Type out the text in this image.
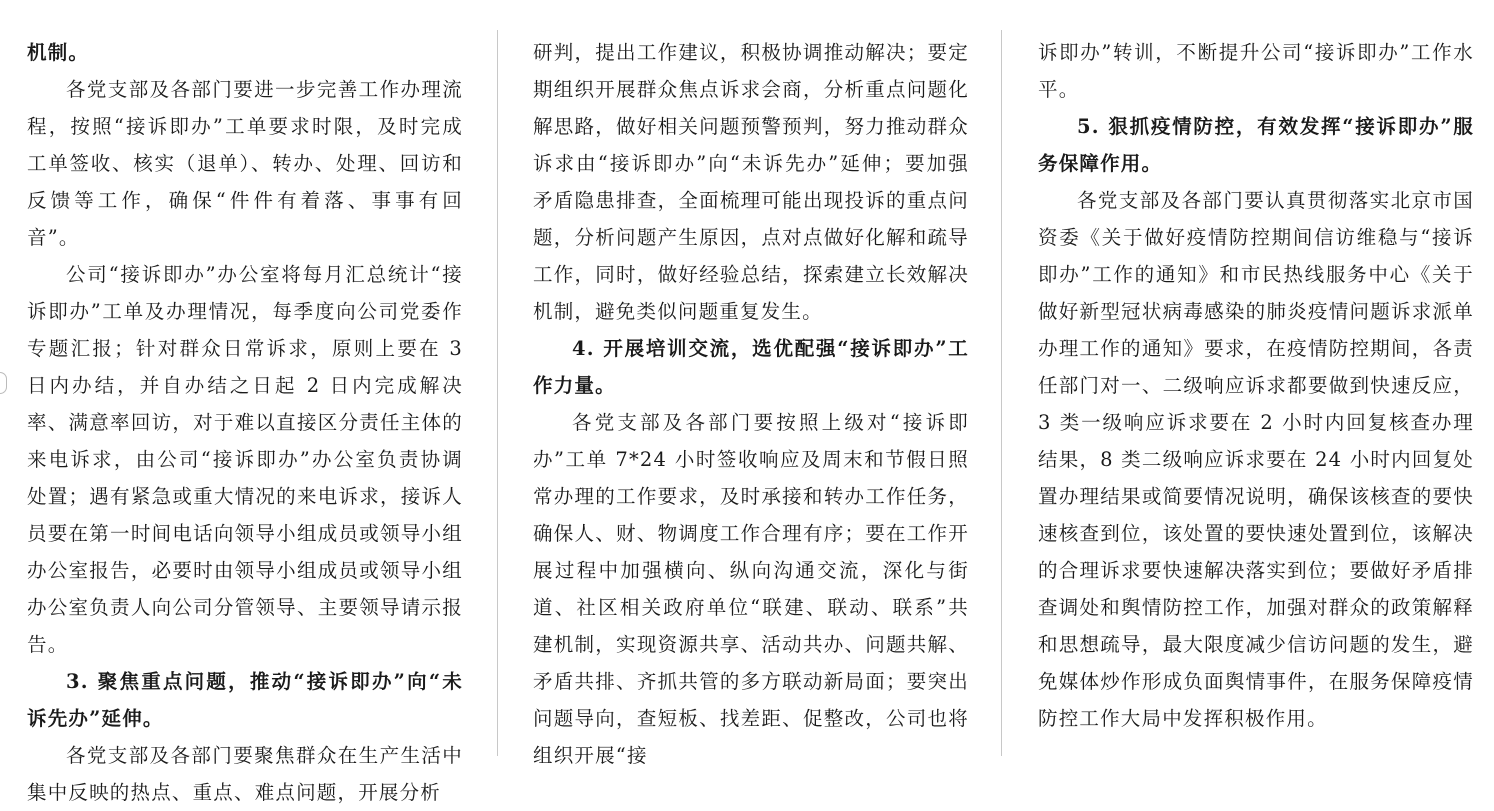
机制。

各党支部及各部门要进一步完善工作办理流程，按照“接诉即办”工单要求时限，及时完成工单签收、核实（退单）、转办、处理、回访和反馈等工作，确保“件件有着落、事事有回音”。

公司“接诉即办”办公室将每月汇总统计“接诉即办”工单及办理情况，每季度向公司党委作专题汇报；针对群众日常诉求，原则上要在 3 日内办结，并自办结之日起 2 日内完成解决率、满意率回访，对于难以直接区分责任主体的来电诉求，由公司“接诉即办”办公室负责协调处置；遇有紧急或重大情况的来电诉求，接诉人员要在第一时间电话向领导小组成员或领导小组办公室报告，必要时由领导小组成员或领导小组办公室负责人向公司分管领导、主要领导请示报告。

3. 聚焦重点问题，推动“接诉即办”向“未诉先办”延伸。

各党支部及各部门要聚焦群众在生产生活中集中反映的热点、重点、难点问题，开展分析

研判，提出工作建议，积极协调推动解决；要定期组织开展群众焦点诉求会商，分析重点问题化解思路，做好相关问题预警预判，努力推动群众诉求由“接诉即办”向“未诉先办”延伸；要加强矛盾隐患排查，全面梳理可能出现投诉的重点问题，分析问题产生原因，点对点做好化解和疏导工作，同时，做好经验总结，探索建立长效解决机制，避免类似问题重复发生。

4. 开展培训交流，选优配强“接诉即办”工作力量。

各党支部及各部门要按照上级对“接诉即办”工单 7*24 小时签收响应及周末和节假日照常办理的工作要求，及时承接和转办工作任务，确保人、财、物调度工作合理有序；要在工作开展过程中加强横向、纵向沟通交流，深化与街道、社区相关政府单位“联建、联动、联系”共建机制，实现资源共享、活动共办、问题共解、矛盾共排、齐抓共管的多方联动新局面；要突出问题导向，查短板、找差距、促整改，公司也将组织开展“接

诉即办”转训，不断提升公司“接诉即办”工作水平。

5. 狠抓疫情防控，有效发挥“接诉即办”服务保障作用。

各党支部及各部门要认真贯彻落实北京市国资委《关于做好疫情防控期间信访维稳与“接诉即办”工作的通知》和市民热线服务中心《关于做好新型冠状病毒感染的肺炎疫情问题诉求派单办理工作的通知》要求，在疫情防控期间，各责任部门对一、二级响应诉求都要做到快速反应，3 类一级响应诉求要在 2 小时内回复核查办理结果，8 类二级响应诉求要在 24 小时内回复处置办理结果或简要情况说明，确保该核查的要快速核查到位，该处置的要快速处置到位，该解决的合理诉求要快速解决落实到位；要做好矛盾排查调处和舆情防控工作，加强对群众的政策解释和思想疏导，最大限度减少信访问题的发生，避免媒体炒作形成负面舆情事件，在服务保障疫情防控工作大局中发挥积极作用。
